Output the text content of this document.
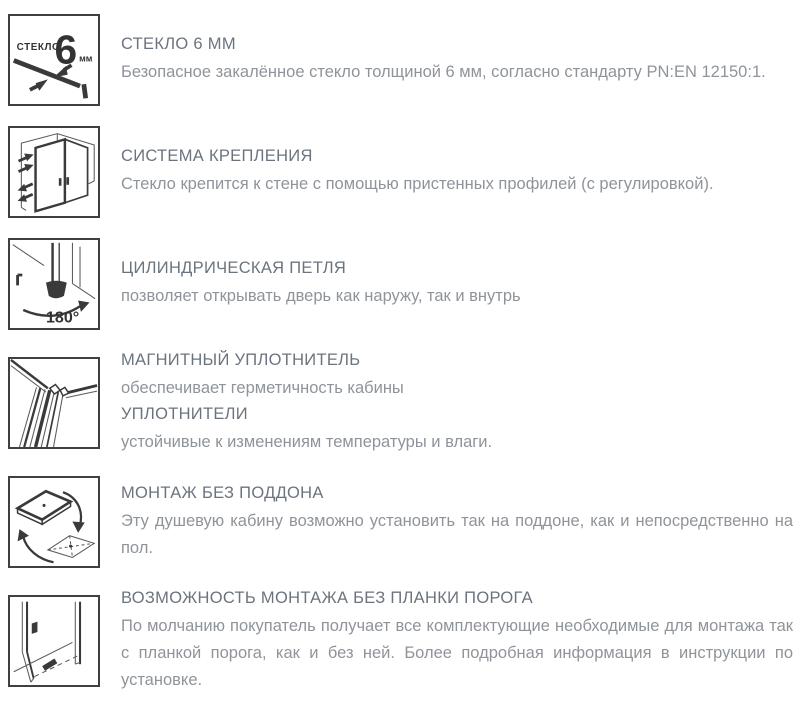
СТЕКЛО
6 мм
СТЕКЛО 6 ММ

Безопасное закалённое стекло толщиной 6 мм, согласно стандарту PN:EN 12150:1.

СИСТЕМА КРЕПЛЕНИЯ

Стекло крепится к стене с помощью пристенных профилей (с регулировкой).

180°
ЦИЛИНДРИЧЕСКАЯ ПЕТЛЯ

позволяет открывать дверь как наружу, так и внутрь

МАГНИТНЫЙ УПЛОТНИТЕЛЬ

обеспечивает герметичность кабины

УПЛОТНИТЕЛИ

устойчивые к изменениям температуры и влаги.

МОНТАЖ БЕЗ ПОДДОНА

Эту душевую кабину возможно установить так на поддоне, как и непосредственно на пол.

ВОЗМОЖНОСТЬ МОНТАЖА БЕЗ ПЛАНКИ ПОРОГА

По молчанию покупатель получает все комплектующие необходимые для монтажа так с планкой порога, как и без ней. Более подробная информация в инструкции по установке.
